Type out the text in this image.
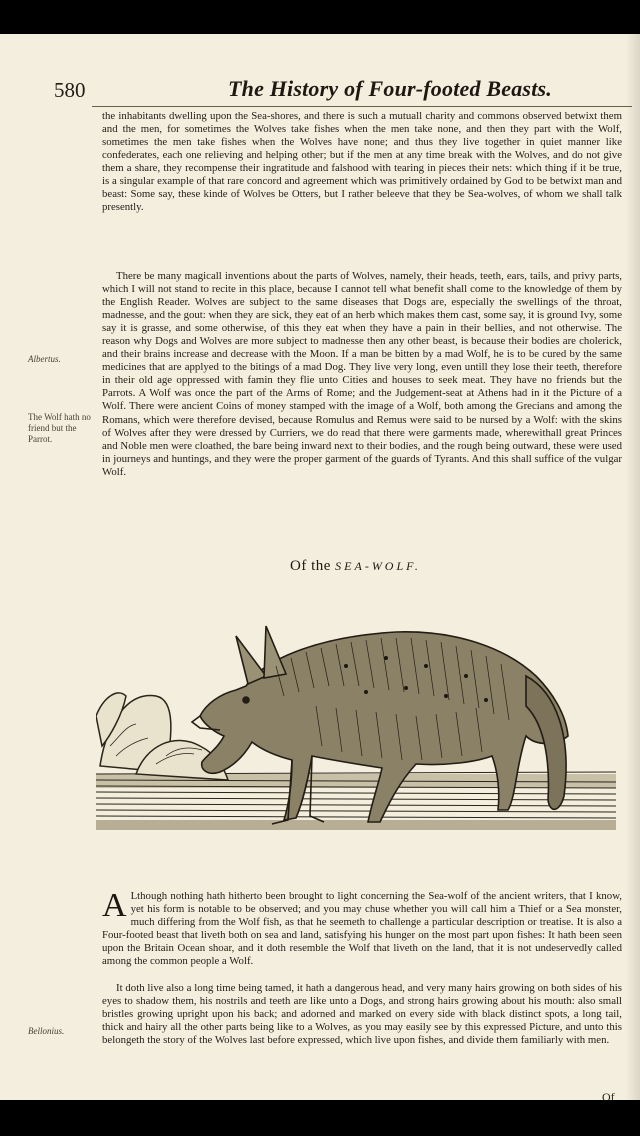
580	The History of Four-footed Beasts.

the inhabitants dwelling upon the Sea-shores, and there is such a mutuall charity and commons observed betwixt them and the men, for sometimes the Wolves take fishes when the men take none, and then they part with the Wolf, sometimes the men take fishes when the Wolves have none; and thus they live together in quiet manner like confederates, each one relieving and helping other; but if the men at any time break with the Wolves, and do not give them a share, they recompense their ingratitude and falshood with tearing in pieces their nets: which thing if it be true, is a singular example of that rare concord and agreement which was primitively ordained by God to be betwixt man and beast: Some say, these kinde of Wolves be Otters, but I rather beleeve that they be Sea-wolves, of whom we shall talk presently.

There be many magicall inventions about the parts of Wolves, namely, their heads, teeth, ears, tails, and privy parts, which I will not stand to recite in this place, because I cannot tell what benefit shall come to the knowledge of them by the English Reader. Wolves are subject to the same diseases that Dogs are, especially the swellings of the throat, madnesse, and the gout: when they are sick, they eat of an herb which makes them cast, some say, it is ground Ivy, some say it is grasse, and some otherwise, of this they eat when they have a pain in their bellies, and not otherwise. The reason why Dogs and Wolves are more subject to madnesse then any other beast, is because their bodies are cholerick, and their brains increase and decrease with the Moon. If a man be bitten by a mad Wolf, he is to be cured by the same medicines that are applyed to the bitings of a mad Dog. They live very long, even untill they lose their teeth, therefore in their old age oppressed with famin they flie unto Cities and houses to seek meat. They have no friends but the Parrots. A Wolf was once the part of the Arms of Rome; and the Judgement-seat at Athens had in it the Picture of a Wolf. There were ancient Coins of money stamped with the image of a Wolf, both among the Grecians and among the Romans, which were therefore devised, because Romulus and Remus were said to be nursed by a Wolf: with the skins of Wolves after they were dressed by Curriers, we do read that there were garments made, wherewithall great Princes and Noble men were cloathed, the bare being inward next to their bodies, and the rough being outward, these were used in journeys and huntings, and they were the proper garment of the guards of Tyrants. And this shall suffice of the vulgar Wolf.

Albertus.
The Wolf hath no friend but the Parrot.
Of the SEA-WOLF.
A Lthough nothing hath hitherto been brought to light concerning the Sea-wolf of the ancient writers, that I know, yet his form is notable to be observed; and you may chuse whether you will call him a Thief or a Sea monster, much differing from the Wolf fish, as that he seemeth to challenge a particular description or treatise. It is also a Four-footed beast that liveth both on sea and land, satisfying his hunger on the most part upon fishes: It hath been seen upon the Britain Ocean shoar, and it doth resemble the Wolf that liveth on the land, that it is not undeservedly called among the common people a Wolf.

It doth live also a long time being tamed, it hath a dangerous head, and very many hairs growing on both sides of his eyes to shadow them, his nostrils and teeth are like unto a Dogs, and strong hairs growing about his mouth: also small bristles growing upright upon his back; and adorned and marked on every side with black distinct spots, a long tail, thick and hairy all the other parts being like to a Wolves, as you may easily see by this expressed Picture, and unto this belongeth the story of the Wolves last before expressed, which live upon fishes, and divide them familiarly with men.

Bellonius.
Of
